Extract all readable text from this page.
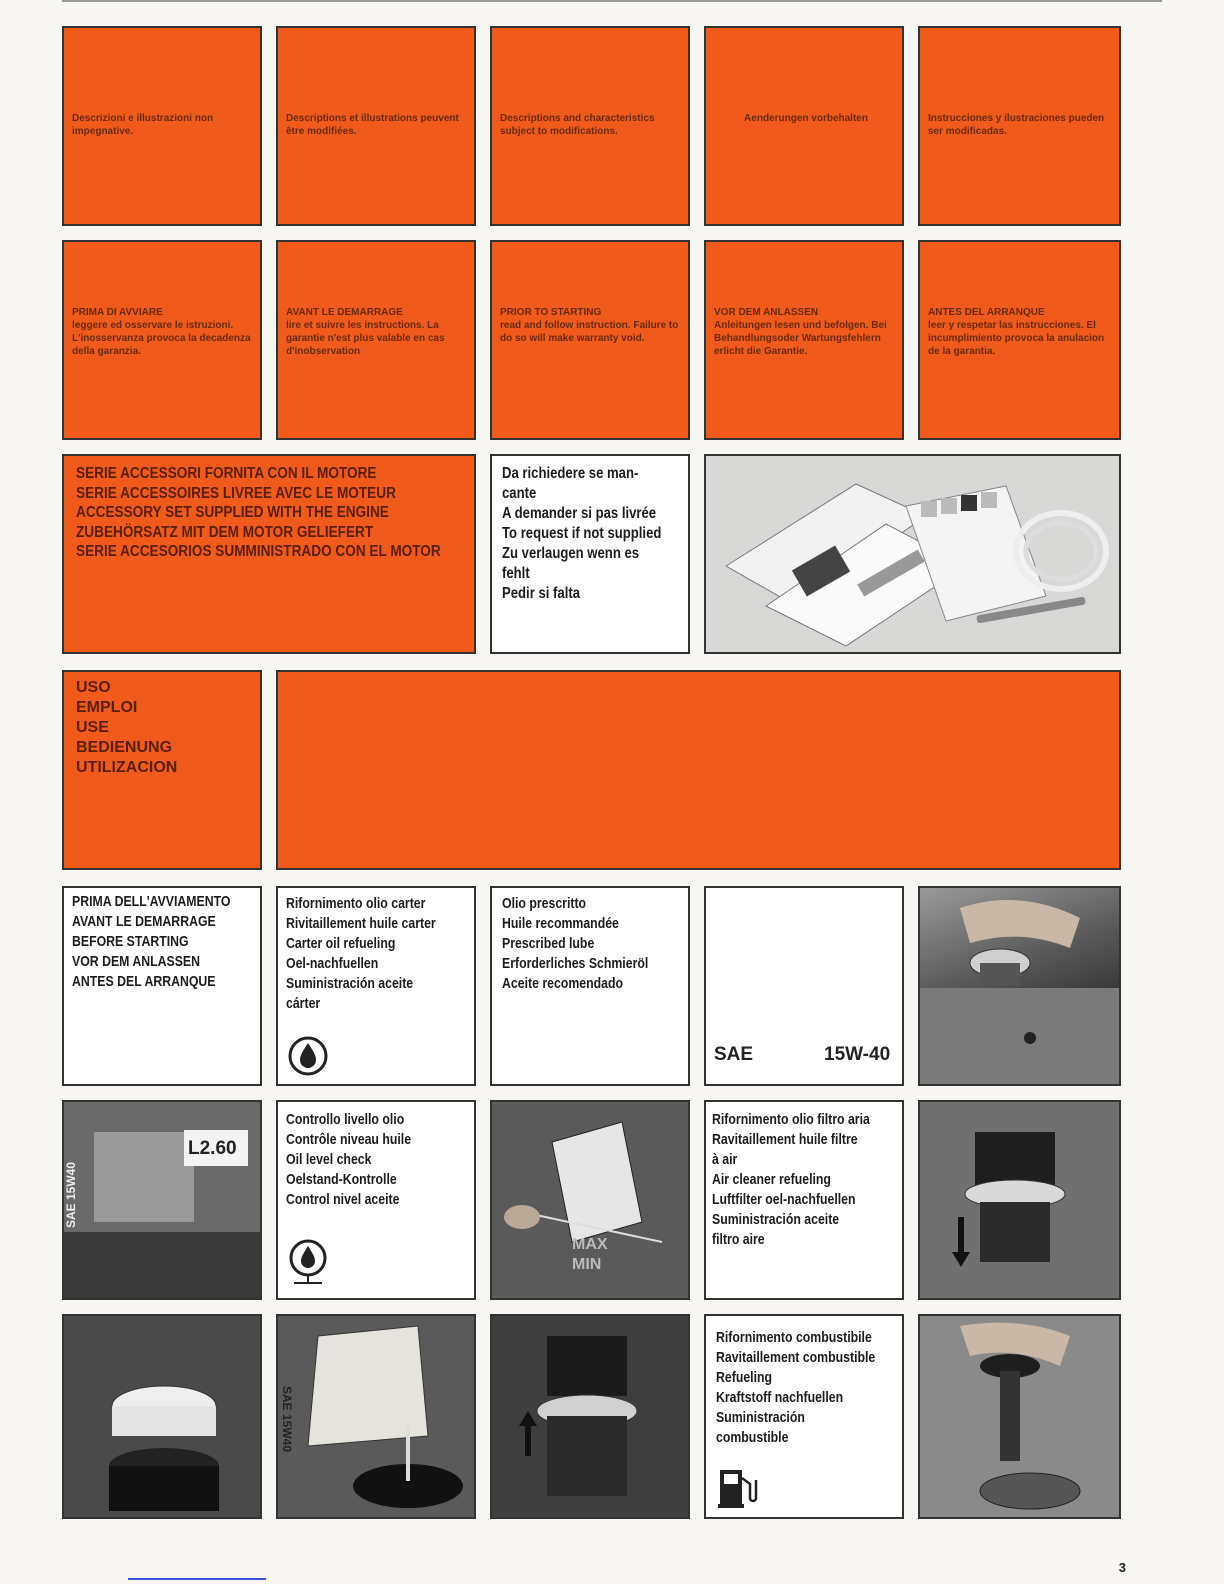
Descrizioni e illustrazioni non impegnative.
Descriptions et illustrations peuvent être modifiées.
Descriptions and characteristics subject to modifications.
Aenderungen vorbehalten	Instrucciones y ilustraciones pueden ser modificadas.
PRIMA DI AVVIARE
leggere ed osservare le istruzioni. L'inosservanza provoca la decadenza della garanzia.
AVANT LE DEMARRAGE
lire et suivre les instructions. La garantie n'est plus valable en cas d'inobservation
PRIOR TO STARTING
read and follow instruction. Failure to do so will make warranty void.
VOR DEM ANLASSEN
Anleitungen lesen und befolgen. Bei Behandlungsoder Wartungsfehlern erlicht die Garantie.
ANTES DEL ARRANQUE
leer y respetar las instrucciones. El incumplimiento provoca la anulacion de la garantia.
SERIE ACCESSORI FORNITA CON IL MOTORE
SERIE ACCESSOIRES LIVREE AVEC LE MOTEUR
ACCESSORY SET SUPPLIED WITH THE ENGINE
ZUBEHÖRSATZ MIT DEM MOTOR GELIEFERT
SERIE ACCESORIOS SUMMINISTRADO CON EL MOTOR
Da richiedere se man-
cante
A demander si pas livrée
To request if not supplied
Zu verlaugen wenn es
fehlt
Pedir si falta
USO
EMPLOI
USE
BEDIENUNG
UTILIZACION
PRIMA DELL'AVVIAMENTO
AVANT LE DEMARRAGE
BEFORE STARTING
VOR DEM ANLASSEN
ANTES DEL ARRANQUE
Rifornimento olio carter
Rivitaillement huile carter
Carter oil refueling
Oel-nachfuellen
Suministración aceite
cárter
Olio prescritto
Huile recommandée
Prescribed lube
Erforderliches Schmieröl
Aceite recomendado
SAE	15W-40
L2.60
SAE 15W40
Controllo livello olio
Contrôle niveau huile
Oil level check
Oelstand-Kontrolle
Control nivel aceite
MAX
MIN
Rifornimento olio filtro aria
Ravitaillement huile filtre
à air
Air cleaner refueling
Luftfilter oel-nachfuellen
Suministración aceite
filtro aire
SAE 15W40
Rifornimento combustibile
Ravitaillement combustible
Refueling
Kraftstoff nachfuellen
Suministración
combustible
3
